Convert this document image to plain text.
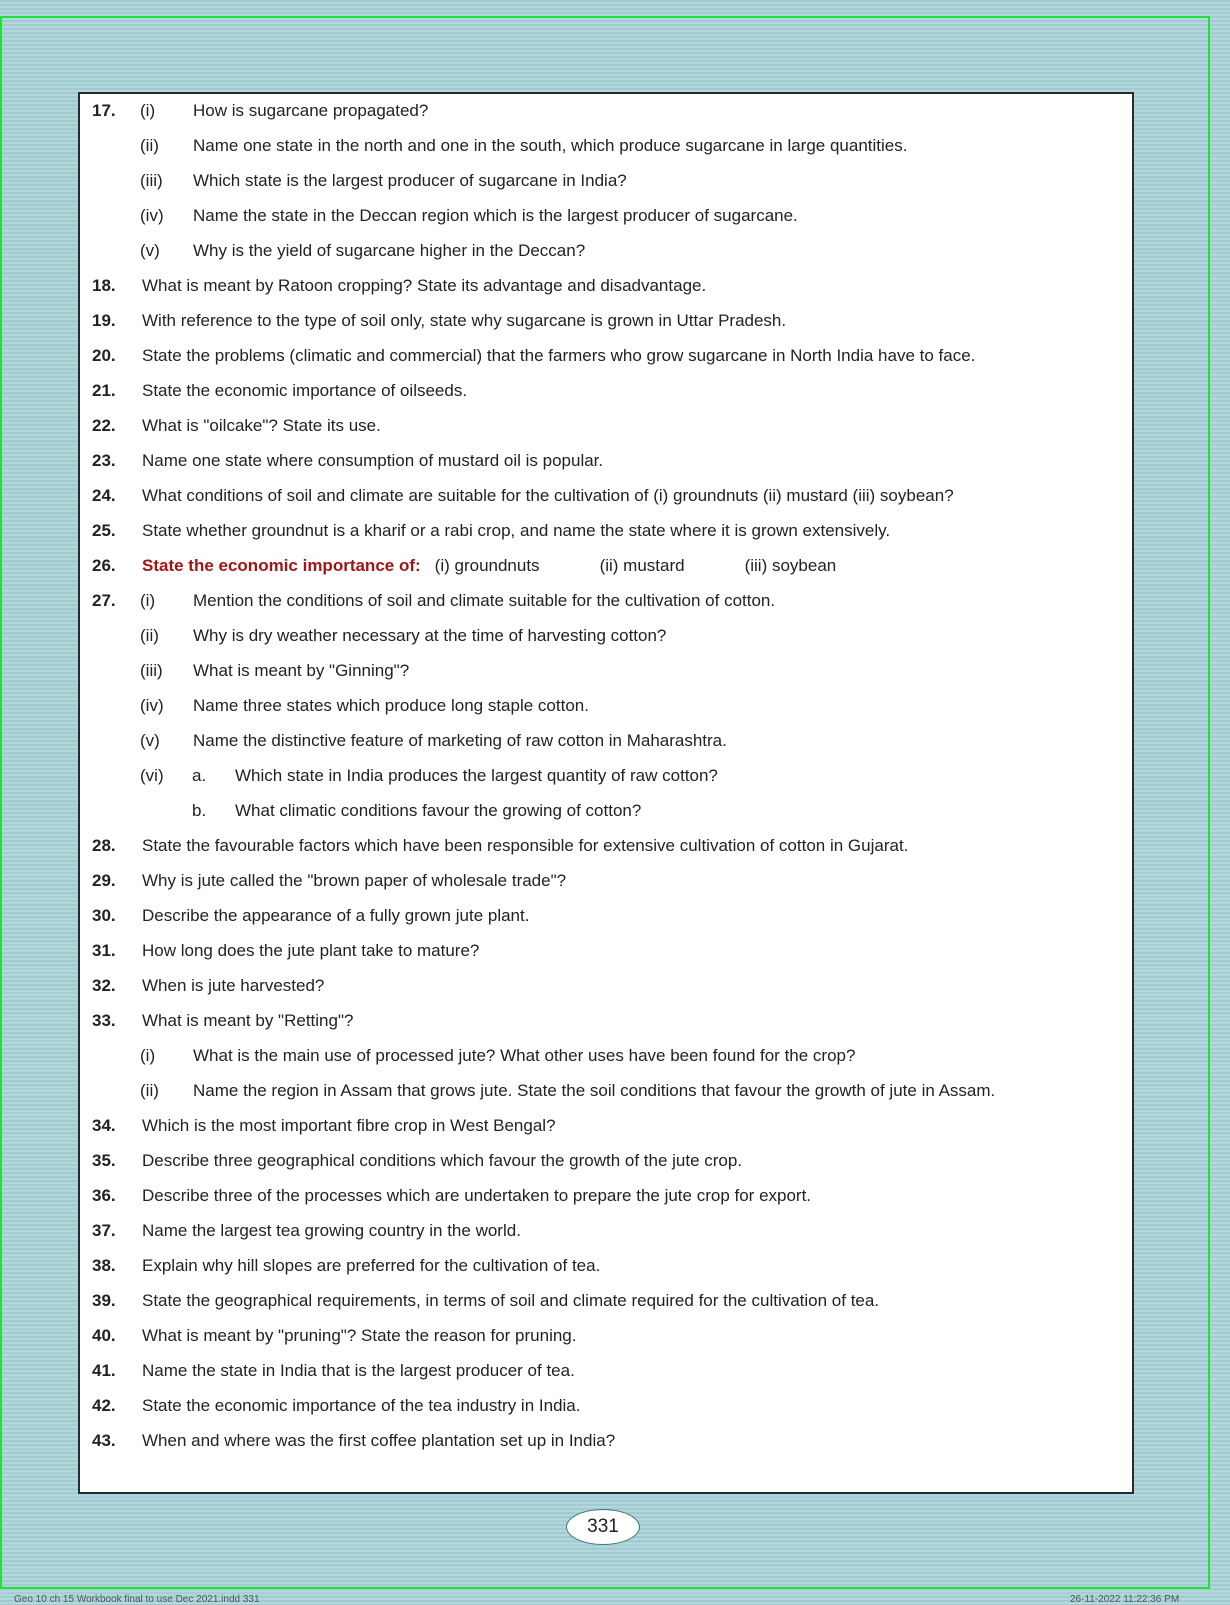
17.	(i)	How is sugarcane propagated?
(ii)	Name one state in the north and one in the south, which produce sugarcane in large quantities.
(iii)	Which state is the largest producer of sugarcane in India?
(iv)	Name the state in the Deccan region which is the largest producer of sugarcane.
(v)	Why is the yield of sugarcane higher in the Deccan?
18.	What is meant by Ratoon cropping? State its advantage and disadvantage.
19.	With reference to the type of soil only, state why sugarcane is grown in Uttar Pradesh.
20.	State the problems (climatic and commercial) that the farmers who grow sugarcane in North India have to face.
21.	State the economic importance of oilseeds.
22.	What is "oilcake"? State its use.
23.	Name one state where consumption of mustard oil is popular.
24.	What conditions of soil and climate are suitable for the cultivation of (i) groundnuts (ii) mustard (iii) soybean?
25.	State whether groundnut is a kharif or a rabi crop, and name the state where it is grown extensively.
26.	State the economic importance of: (i) groundnuts	(ii) mustard	(iii) soybean
27.	(i)	Mention the conditions of soil and climate suitable for the cultivation of cotton.
(ii)	Why is dry weather necessary at the time of harvesting cotton?
(iii)	What is meant by "Ginning"?
(iv)	Name three states which produce long staple cotton.
(v)	Name the distinctive feature of marketing of raw cotton in Maharashtra.
(vi)	a.	Which state in India produces the largest quantity of raw cotton?
b.	What climatic conditions favour the growing of cotton?
28.	State the favourable factors which have been responsible for extensive cultivation of cotton in Gujarat.
29.	Why is jute called the "brown paper of wholesale trade"?
30.	Describe the appearance of a fully grown jute plant.
31.	How long does the jute plant take to mature?
32.	When is jute harvested?
33.	What is meant by "Retting"?
(i)	What is the main use of processed jute? What other uses have been found for the crop?
(ii)	Name the region in Assam that grows jute. State the soil conditions that favour the growth of jute in Assam.
34.	Which is the most important fibre crop in West Bengal?
35.	Describe three geographical conditions which favour the growth of the jute crop.
36.	Describe three of the processes which are undertaken to prepare the jute crop for export.
37.	Name the largest tea growing country in the world.
38.	Explain why hill slopes are preferred for the cultivation of tea.
39.	State the geographical requirements, in terms of soil and climate required for the cultivation of tea.
40.	What is meant by "pruning"? State the reason for pruning.
41.	Name the state in India that is the largest producer of tea.
42.	State the economic importance of the tea industry in India.
43.	When and where was the first coffee plantation set up in India?
331
Geo 10 ch 15 Workbook final to use Dec 2021.indd 331	26-11-2022 11:22:36 PM
